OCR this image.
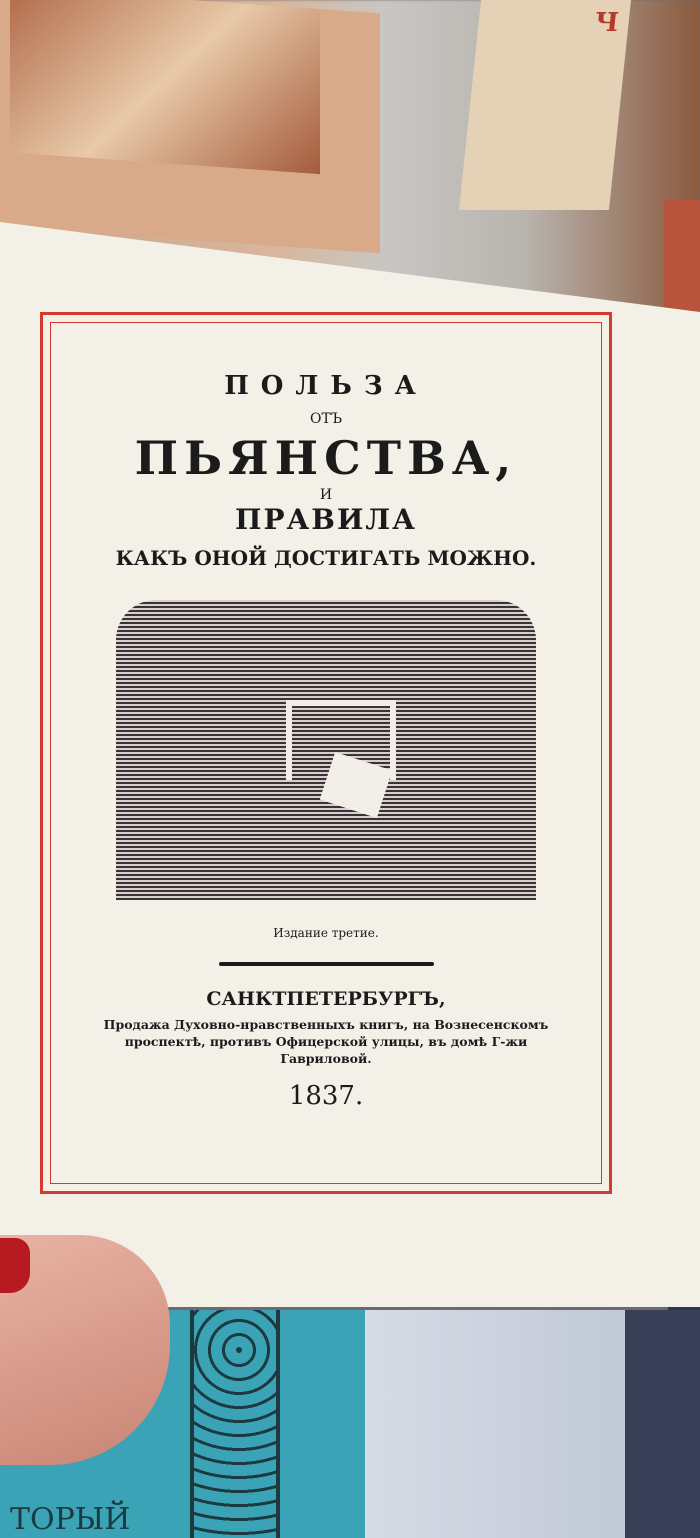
Ч
ПОЛЬЗА
ОТЪ
ПЬЯНСТВА,
И
ПРАВИЛА
КАКЪ ОНОЙ ДОСТИГАТЬ МОЖНО.
Издание третие.
САНКТПЕТЕРБУРГЪ,
Продажа Духовно-нравственныхъ книгъ, на Вознесенскомъ проспектѣ, противъ Офицерской улицы, въ домѣ Г-жи Гавриловой.
1837.
ТОРЫЙ
